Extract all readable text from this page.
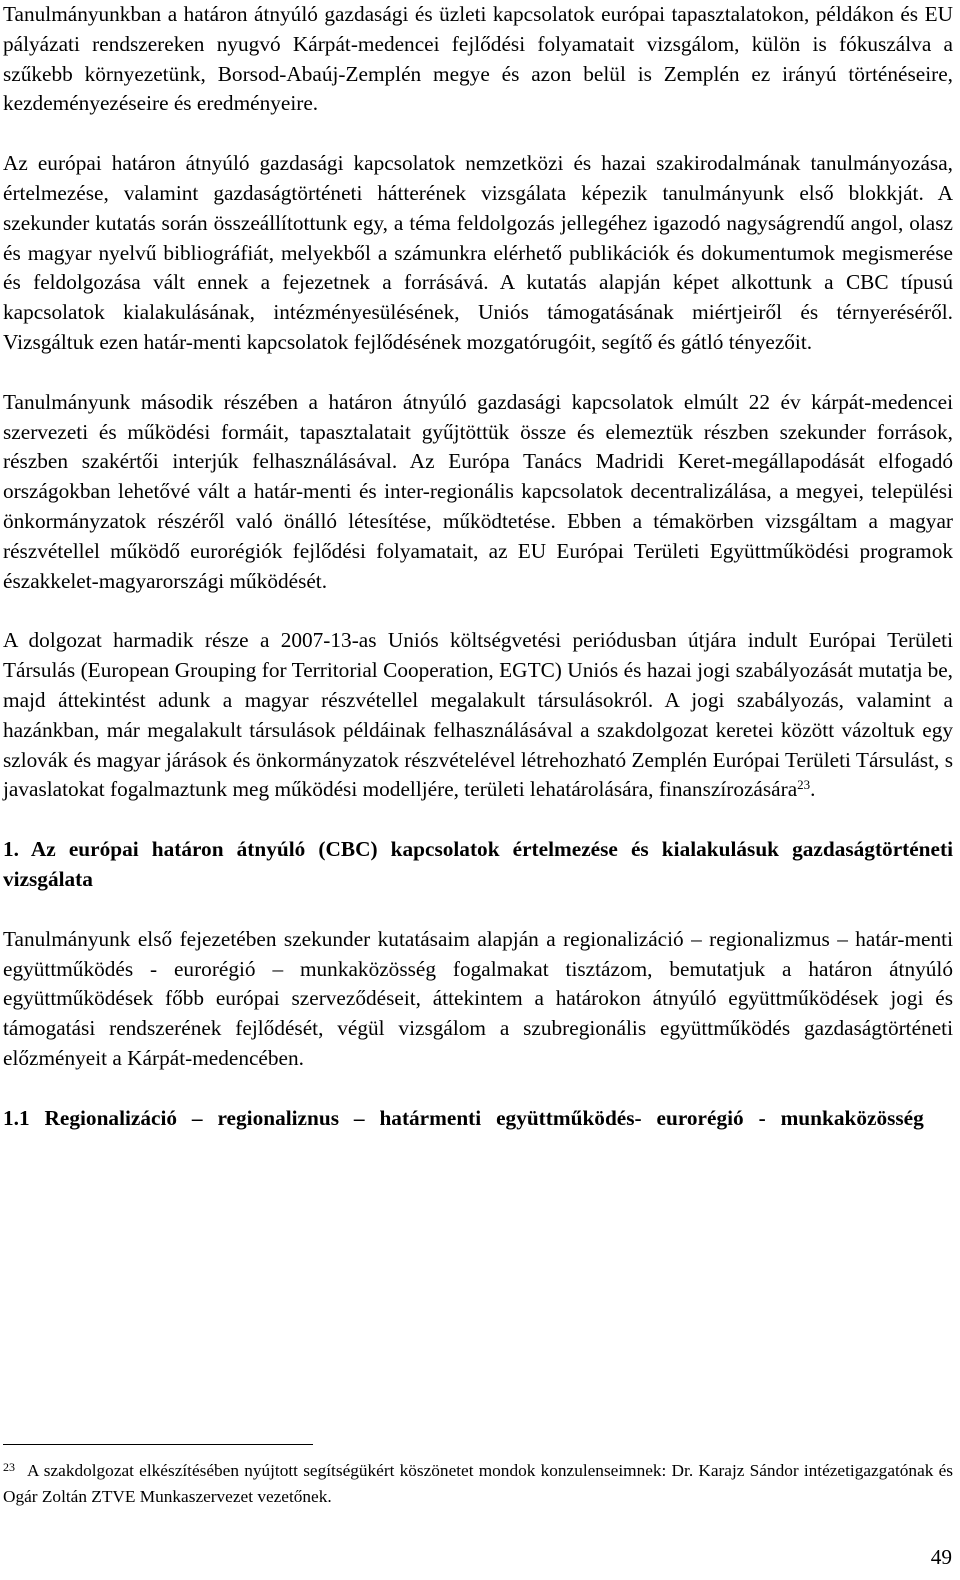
Tanulmányunkban a határon átnyúló gazdasági és üzleti kapcsolatok európai tapasztalatokon, példákon és EU pályázati rendszereken nyugvó Kárpát-medencei fejlődési folyamatait vizsgálom, külön is fókuszálva a szűkebb környezetünk, Borsod-Abaúj-Zemplén megye és azon belül is Zemplén ez irányú történéseire, kezdeményezéseire és eredményeire.

Az európai határon átnyúló gazdasági kapcsolatok nemzetközi és hazai szakirodalmának tanulmányozása, értelmezése, valamint gazdaságtörténeti hátterének vizsgálata képezik tanulmányunk első blokkját. A szekunder kutatás során összeállítottunk egy, a téma feldolgozás jellegéhez igazodó nagyságrendű angol, olasz és magyar nyelvű bibliográfiát, melyekből a számunkra elérhető publikációk és dokumentumok megismerése és feldolgozása vált ennek a fejezetnek a forrásává. A kutatás alapján képet alkottunk a CBC típusú kapcsolatok kialakulásának, intézményesülésének, Uniós támogatásának miértjeiről és térnyeréséről. Vizsgáltuk ezen határ-menti kapcsolatok fejlődésének mozgatórugóit, segítő és gátló tényezőit.

Tanulmányunk második részében a határon átnyúló gazdasági kapcsolatok elmúlt 22 év kárpát-medencei szervezeti és működési formáit, tapasztalatait gyűjtöttük össze és elemeztük részben szekunder források, részben szakértői interjúk felhasználásával. Az Európa Tanács Madridi Keret-megállapodását elfogadó országokban lehetővé vált a határ-menti és inter-regionális kapcsolatok decentralizálása, a megyei, települési önkormányzatok részéről való önálló létesítése, működtetése. Ebben a témakörben vizsgáltam a magyar részvétellel működő eurorégiók fejlődési folyamatait, az EU Európai Területi Együttműködési programok északkelet-magyarországi működését.

A dolgozat harmadik része a 2007-13-as Uniós költségvetési periódusban útjára indult Európai Területi Társulás (European Grouping for Territorial Cooperation, EGTC) Uniós és hazai jogi szabályozását mutatja be, majd áttekintést adunk a magyar részvétellel megalakult társulásokról. A jogi szabályozás, valamint a hazánkban, már megalakult társulások példáinak felhasználásával a szakdolgozat keretei között vázoltuk egy szlovák és magyar járások és önkormányzatok részvételével létrehozható Zemplén Európai Területi Társulást, s javaslatokat fogalmaztunk meg működési modelljére, területi lehatárolására, finanszírozására$^{23}$.

1. Az európai határon átnyúló (CBC) kapcsolatok értelmezése és kialakulásuk gazdaságtörténeti vizsgálata

Tanulmányunk első fejezetében szekunder kutatásaim alapján a regionalizáció – regionalizmus – határ-menti együttműködés - eurorégió – munkaközösség fogalmakat tisztázom, bemutatjuk a határon átnyúló együttműködések főbb európai szerveződéseit, áttekintem a határokon átnyúló együttműködések jogi és támogatási rendszerének fejlődését, végül vizsgálom a szubregionális együttműködés gazdaságtörténeti előzményeit a Kárpát-medencében.

1.1 Regionalizáció – regionaliznus – határmenti együttműködés- eurorégió - munkaközösség

$^{23}$ A szakdolgozat elkészítésében nyújtott segítségükért köszönetet mondok konzulenseimnek: Dr. Karajz Sándor intézetigazgatónak és Ogár Zoltán ZTVE Munkaszervezet vezetőnek.

49
